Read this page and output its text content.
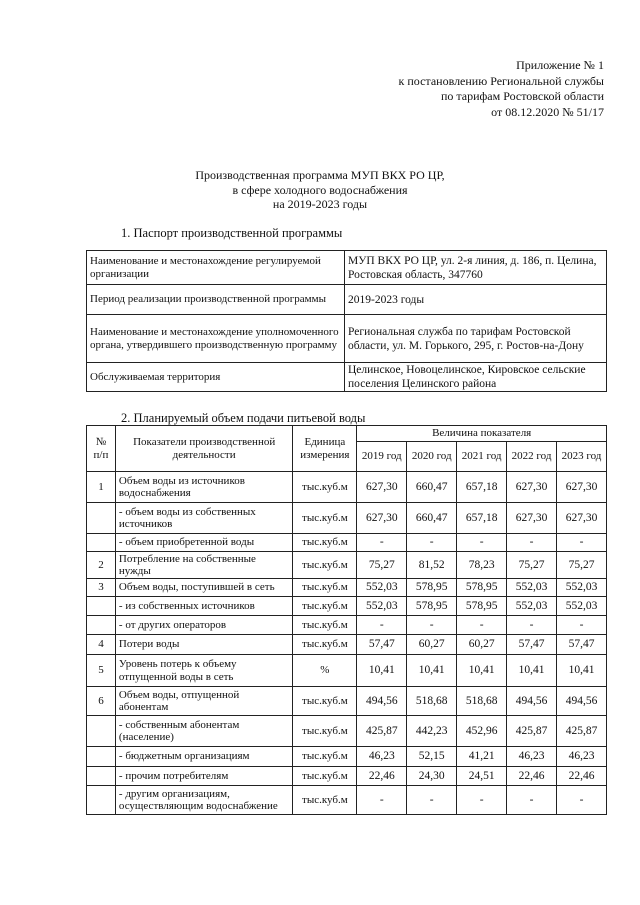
Приложение № 1
к постановлению Региональной службы
по тарифам Ростовской области
от 08.12.2020 № 51/17
Производственная программа МУП ВКХ РО ЦР,
в сфере холодного водоснабжения
на 2019-2023 годы
1. Паспорт производственной программы
Наименование и местонахождение регулируемой организации	МУП ВКХ РО ЦР, ул. 2-я линия, д. 186, п. Целина, Ростовская область, 347760
Период реализации производственной программы	2019-2023 годы
Наименование и местонахождение уполномоченного органа, утвердившего производственную программу	Региональная служба по тарифам Ростовской области, ул. М. Горького, 295, г. Ростов-на-Дону
Обслуживаемая территория	Целинское, Новоцелинское, Кировское сельские поселения Целинского района
2. Планируемый объем подачи питьевой воды
№ п/п	Показатели производственной деятельности	Единица измерения	Величина показателя				
			2019 год	2020 год	2021 год	2022 год	2023 год
1	Объем воды из источников водоснабжения	тыс.куб.м	627,30	660,47	657,18	627,30	627,30
	- объем воды из собственных источников	тыс.куб.м	627,30	660,47	657,18	627,30	627,30
	- объем приобретенной воды	тыс.куб.м	-	-	-	-	-
2	Потребление на собственные нужды	тыс.куб.м	75,27	81,52	78,23	75,27	75,27
3	Объем воды, поступившей в сеть	тыс.куб.м	552,03	578,95	578,95	552,03	552,03
	- из собственных источников	тыс.куб.м	552,03	578,95	578,95	552,03	552,03
	- от других операторов	тыс.куб.м	-	-	-	-	-
4	Потери воды	тыс.куб.м	57,47	60,27	60,27	57,47	57,47
5	Уровень потерь к объему отпущенной воды в сеть	%	10,41	10,41	10,41	10,41	10,41
6	Объем воды, отпущенной абонентам	тыс.куб.м	494,56	518,68	518,68	494,56	494,56
	- собственным абонентам (население)	тыс.куб.м	425,87	442,23	452,96	425,87	425,87
	- бюджетным организациям	тыс.куб.м	46,23	52,15	41,21	46,23	46,23
	- прочим потребителям	тыс.куб.м	22,46	24,30	24,51	22,46	22,46
	- другим организациям, осуществляющим водоснабжение	тыс.куб.м	-	-	-	-	-
